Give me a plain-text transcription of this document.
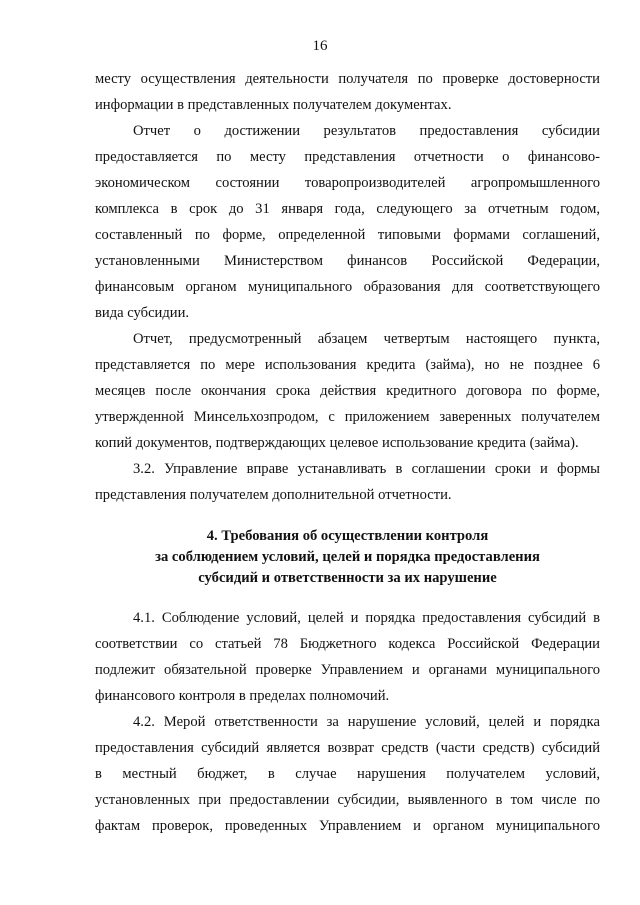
16
месту осуществления деятельности получателя по проверке достоверности
информации в представленных получателем документах.
Отчет о достижении результатов предоставления субсидии
предоставляется по месту представления отчетности о финансово-
экономическом состоянии товаропроизводителей агропромышленного
комплекса в срок до 31 января года, следующего за отчетным годом,
составленный по форме, определенной типовыми формами соглашений,
установленными Министерством финансов Российской Федерации,
финансовым органом муниципального образования для соответствующего
вида субсидии.
Отчет, предусмотренный абзацем четвертым настоящего пункта,
представляется по мере использования кредита (займа), но не позднее 6
месяцев после окончания срока действия кредитного договора по форме,
утвержденной Минсельхозпродом, с приложением заверенных получателем
копий документов, подтверждающих целевое использование кредита (займа).
3.2. Управление вправе устанавливать в соглашении сроки и формы
представления получателем дополнительной отчетности.
4. Требования об осуществлении контроля
за соблюдением условий, целей и порядка предоставления
субсидий и ответственности за их нарушение
4.1. Соблюдение условий, целей и порядка предоставления субсидий в
соответствии со статьей 78 Бюджетного кодекса Российской Федерации
подлежит обязательной проверке Управлением и органами муниципального
финансового контроля в пределах полномочий.
4.2. Мерой ответственности за нарушение условий, целей и порядка
предоставления субсидий является возврат средств (части средств) субсидий
в местный бюджет, в случае нарушения получателем условий,
установленных при предоставлении субсидии, выявленного в том числе по
фактам проверок, проведенных Управлением и органом муниципального
